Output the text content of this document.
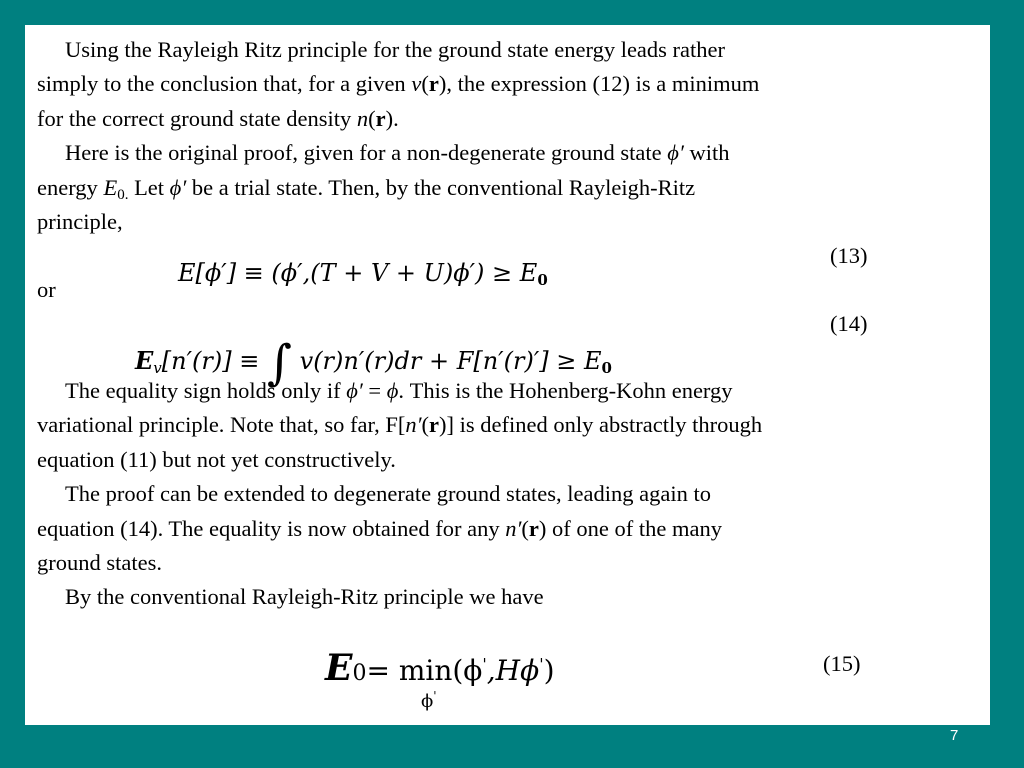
Using the Rayleigh Ritz principle for the ground state energy leads rather
simply to the conclusion that, for a given v(r), the expression (12) is a minimum
for the correct ground state density n(r).
Here is the original proof, given for a non-degenerate ground state ϕ′ with
energy $E_{0.}$ Let ϕ′ be a trial state. Then, by the conventional Rayleigh-Ritz
principle,
(13)
$E[\phi'] \equiv (\phi',(T + V + U)\phi') \ge E_0$
or
(14)
$E_v[n'(r)]$ ≡ ∫ $v(r)n'(r)dr + F[n'(r)'] \ge E_0$
The equality sign holds only if ϕ′ = ϕ. This is the Hohenberg-Kohn energy
variational principle. Note that, so far, F[n′(r)] is defined only abstractly through
equation (11) but not yet constructively.
The proof can be extended to degenerate ground states, leading again to
equation (14). The equality is now obtained for any n′(r) of one of the many
ground states.
By the conventional Rayleigh-Ritz principle we have
(15)
E0= min(ϕ',Hϕ')
ϕ'
7
